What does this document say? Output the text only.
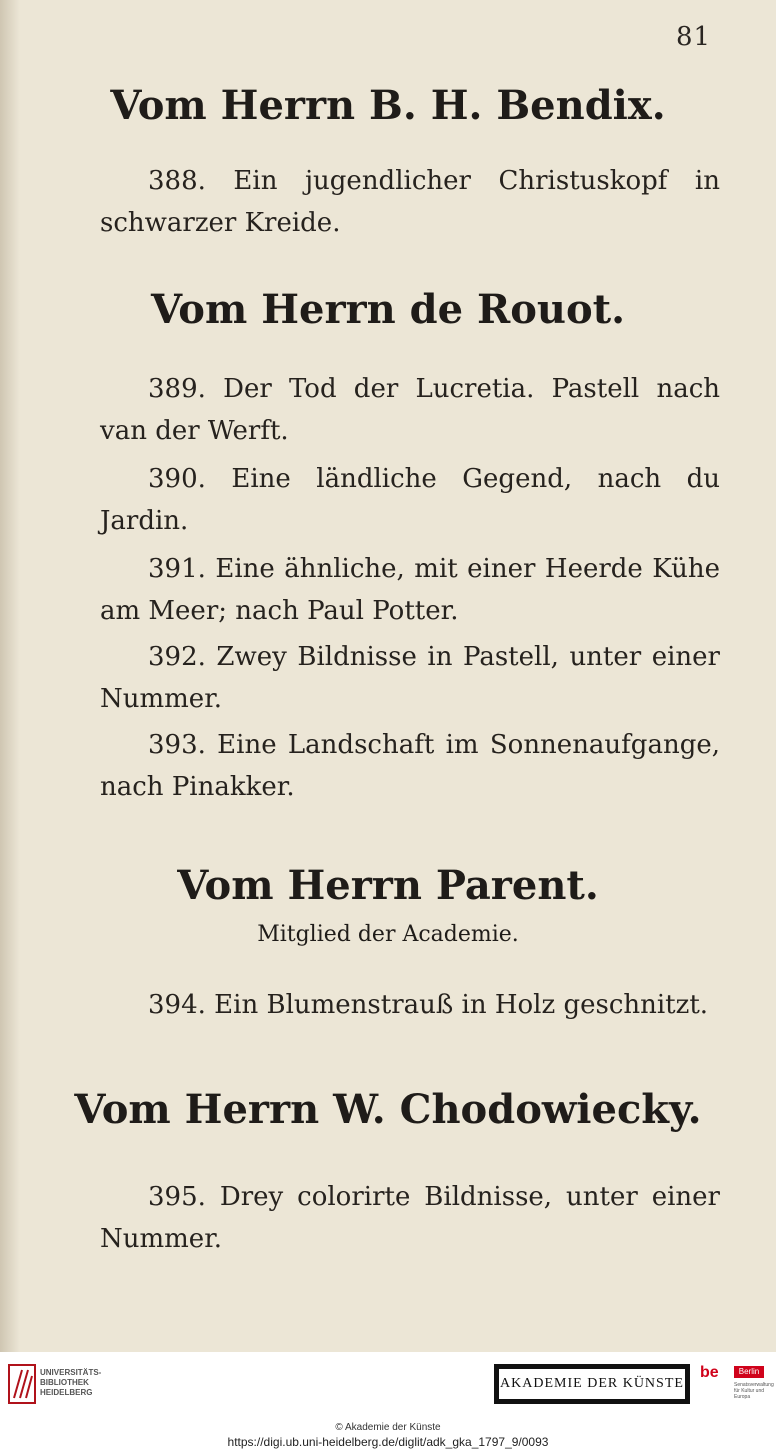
81
Vom Herrn B. H. Bendix.

388. Ein jugendlicher Christuskopf in schwarzer Kreide.

Vom Herrn de Rouot.

389. Der Tod der Lucretia. Pastell nach van der Werft.

390. Eine ländliche Gegend, nach du Jardin.

391. Eine ähnliche, mit einer Heerde Kühe am Meer; nach Paul Potter.

392. Zwey Bildnisse in Pastell, unter einer Nummer.

393. Eine Landschaft im Sonnenaufgange, nach Pinakker.

Vom Herrn Parent.
Mitglied der Academie.

394. Ein Blumenstrauß in Holz geschnitzt.

Vom Herrn W. Chodowiecky.

395. Drey colorirte Bildnisse, unter einer Nummer.

UNIVERSITÄTS-
BIBLIOTHEK
HEIDELBERG
AKADEMIE DER KÜNSTE
be	Berlin
Senatsverwaltung für Kultur und Europa
© Akademie der Künste
https://digi.ub.uni-heidelberg.de/diglit/adk_gka_1797_9/0093
